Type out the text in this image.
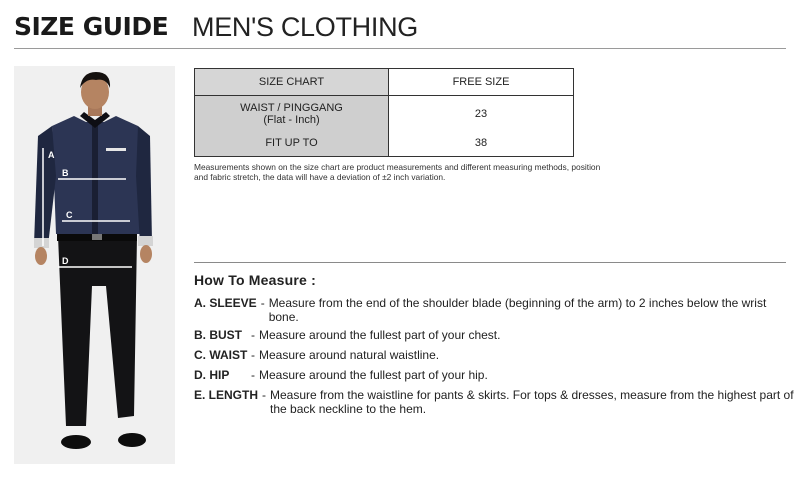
SIZE GUIDE MEN'S CLOTHING
A
B
C
D
SIZE CHART	FREE SIZE

WAIST / PINGGANG
(Flat - Inch)	23
FIT UP TO	38
Measurements shown on the size chart are product measurements and different measuring methods, position and fabric stretch, the data will have a deviation of ±2 inch variation.
How To Measure :
A. SLEEVE - Measure from the end of the shoulder blade (beginning of the arm) to 2 inches below the wrist bone.
B. BUST - Measure around the fullest part of your chest.
C. WAIST - Measure around natural waistline.
D. HIP	- Measure around the fullest part of your hip.
E. LENGTH - Measure from the waistline for pants & skirts. For tops & dresses, measure from the highest part of the back neckline to the hem.
